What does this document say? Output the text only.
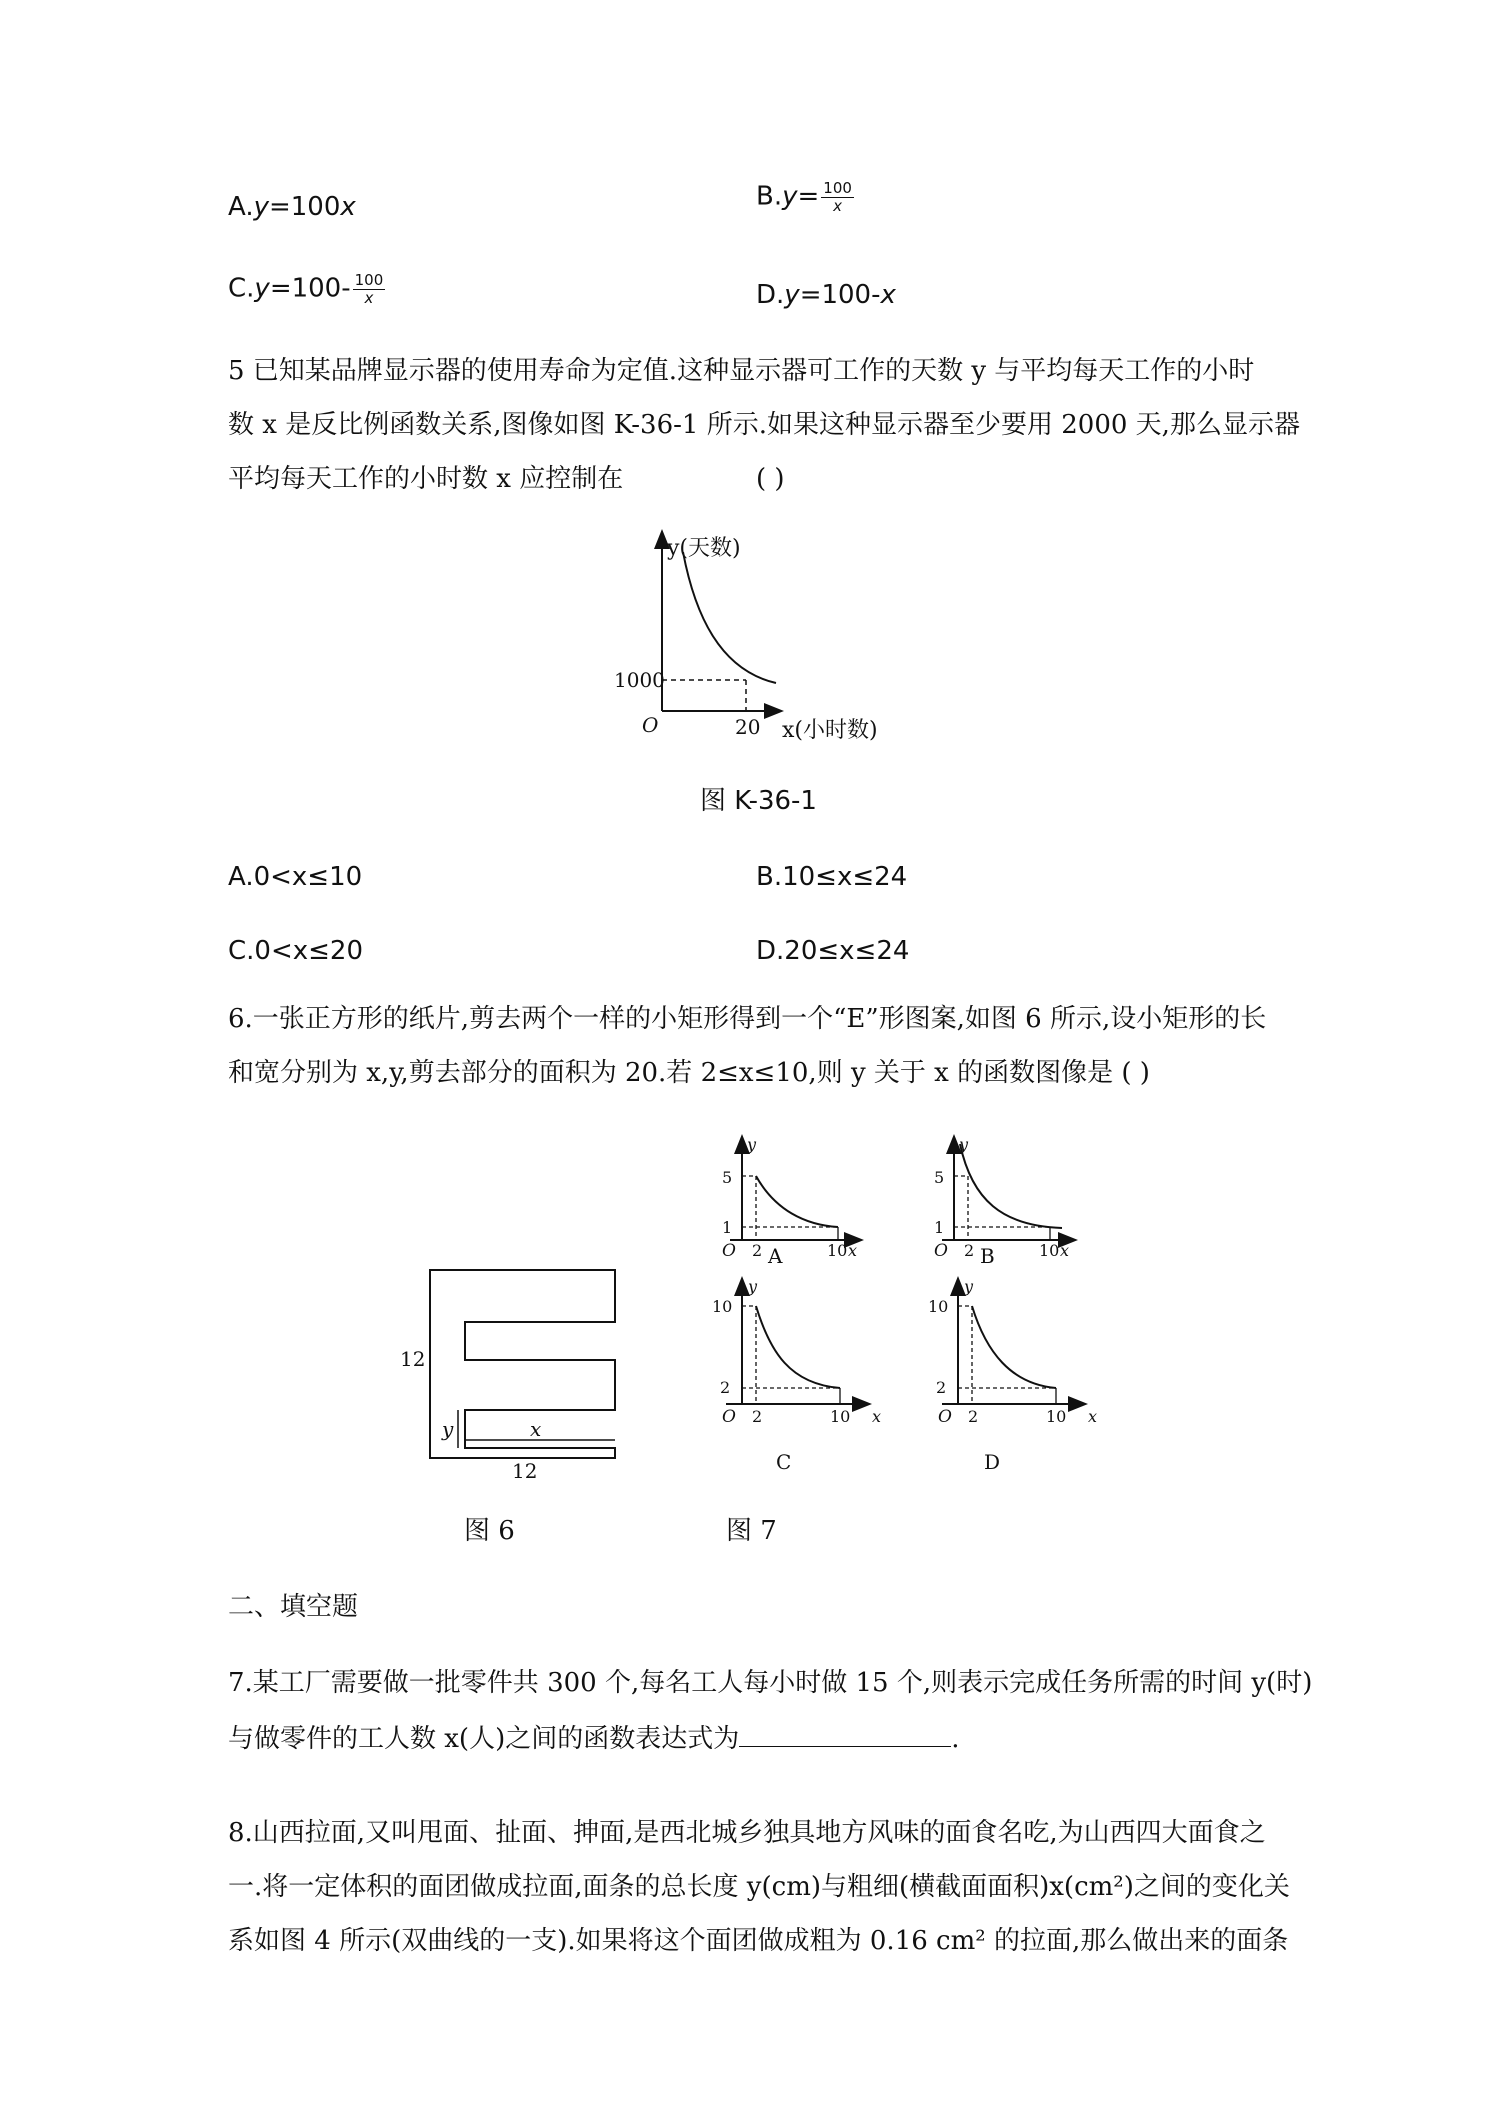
A.y=100x	$B.y= \frac{100}{x}$
$C.y=100- \frac{100}{x}$	D.y=100-x
5 已知某品牌显示器的使用寿命为定值.这种显示器可工作的天数 y 与平均每天工作的小时
数 x 是反比例函数关系,图像如图 K-36-1 所示.如果这种显示器至少要用 2000 天,那么显示器
平均每天工作的小时数 x 应控制在	( )
y(天数)
1000
O	20 x(小时数)
图 K-36-1
A.0<x≤10	B.10≤x≤24
C.0<x≤20	D.20≤x≤24
6.一张正方形的纸片,剪去两个一样的小矩形得到一个“E”形图案,如图 6 所示,设小矩形的长
和宽分别为 x,y,剪去部分的面积为 20.若 2≤x≤10,则 y 关于 x 的函数图像是 ( )
12
y	x
12
y
5
1
O 2	10 x
A
y
5
1
O 2	10 x
B
y
10
2
O 2	10 x
C
y
10
2
O 2	10 x
D
图 6	图 7
二、填空题
7.某工厂需要做一批零件共 300 个,每名工人每小时做 15 个,则表示完成任务所需的时间 y(时)
与做零件的工人数 x(人)之间的函数表达式为	.
8.山西拉面,又叫甩面、扯面、抻面,是西北城乡独具地方风味的面食名吃,为山西四大面食之
一.将一定体积的面团做成拉面,面条的总长度 y(cm)与粗细(横截面面积)x(cm²)之间的变化关
系如图 4 所示(双曲线的一支).如果将这个面团做成粗为 0.16 cm² 的拉面,那么做出来的面条
